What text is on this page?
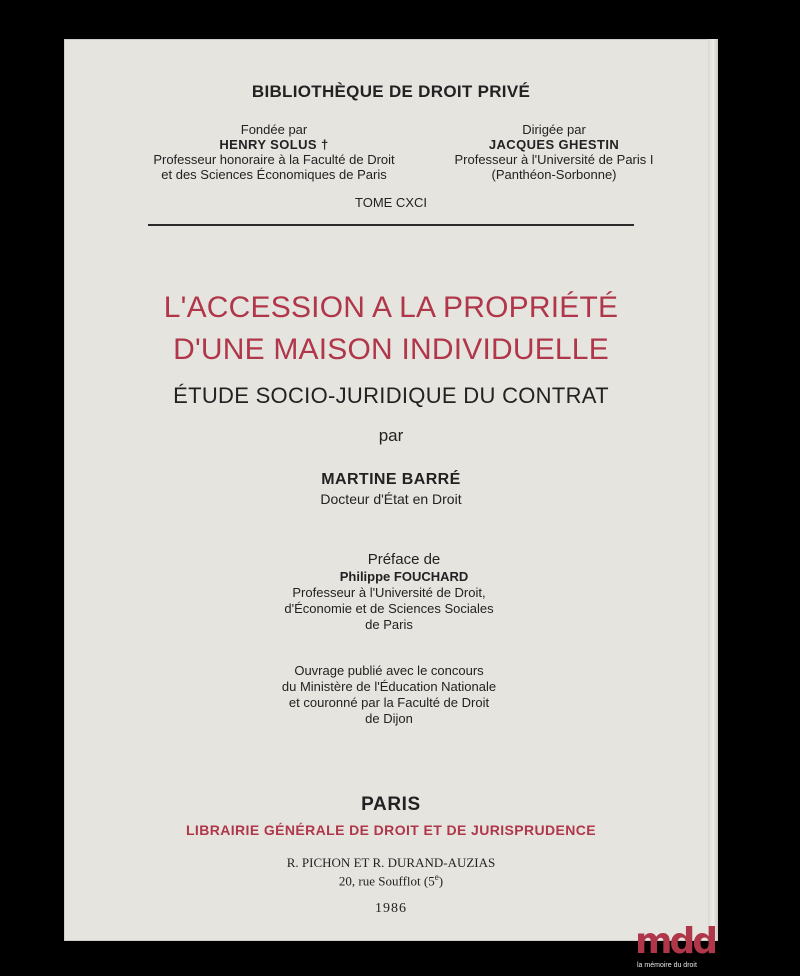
BIBLIOTHÈQUE DE DROIT PRIVÉ
Fondée par
HENRY SOLUS †
Professeur honoraire à la Faculté de Droit
et des Sciences Économiques de Paris
Dirigée par
JACQUES GHESTIN
Professeur à l'Université de Paris I
(Panthéon-Sorbonne)
TOME CXCI
L'ACCESSION A LA PROPRIÉTÉ
D'UNE MAISON INDIVIDUELLE
ÉTUDE SOCIO-JURIDIQUE DU CONTRAT
par
MARTINE BARRÉ
Docteur d'État en Droit
Préface de
Philippe FOUCHARD
Professeur à l'Université de Droit,
d'Économie et de Sciences Sociales
de Paris
Ouvrage publié avec le concours
du Ministère de l'Éducation Nationale
et couronné par la Faculté de Droit
de Dijon
PARIS
LIBRAIRIE GÉNÉRALE DE DROIT ET DE JURISPRUDENCE
R. PICHON ET R. DURAND-AUZIAS
20, rue Soufflot (5e)
1986
mdd
la mémoire du droit
